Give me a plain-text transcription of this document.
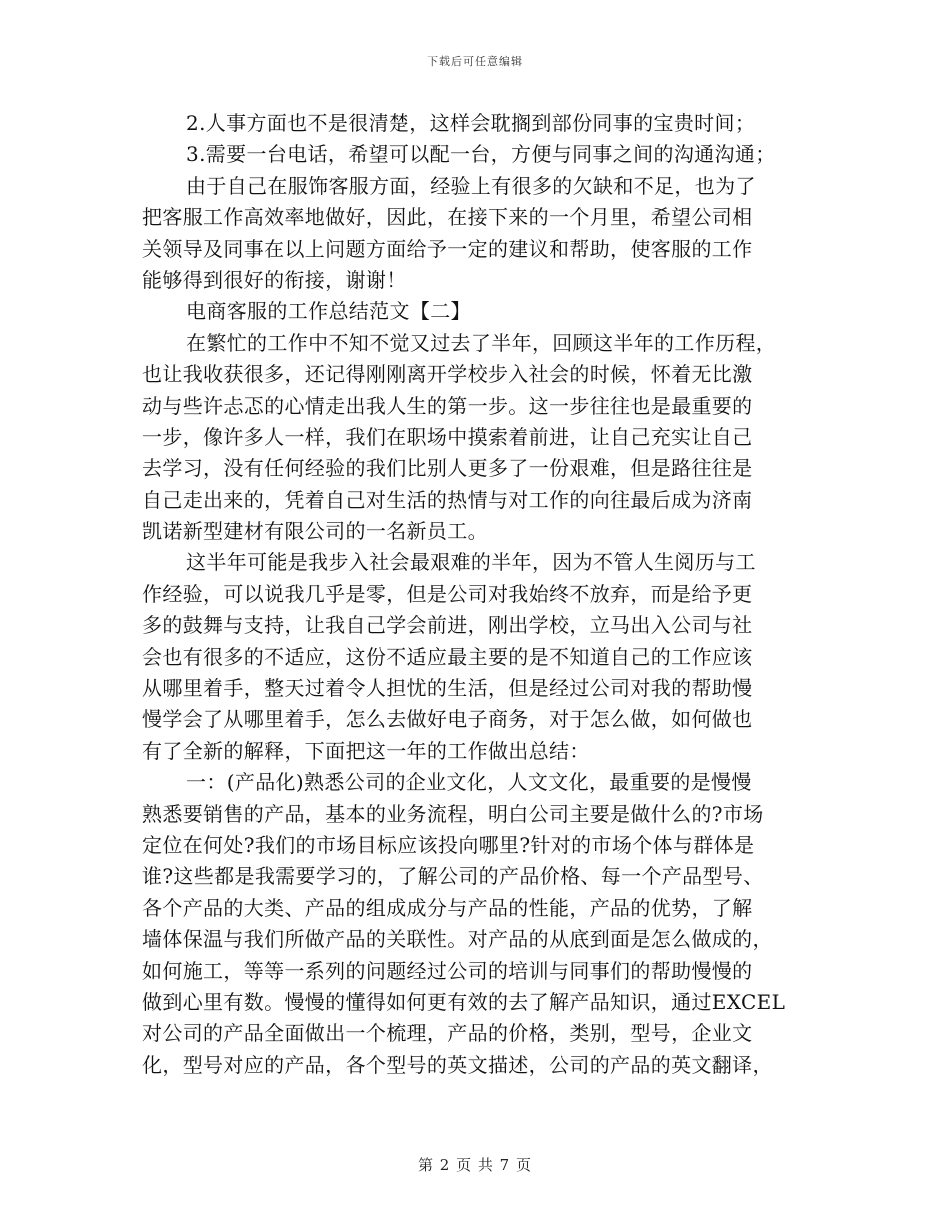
下载后可任意编辑
2.人事方面也不是很清楚，这样会耽搁到部份同事的宝贵时间；
3.需要一台电话，希望可以配一台，方便与同事之间的沟通沟通；
由于自己在服饰客服方面，经验上有很多的欠缺和不足，也为了
把客服工作高效率地做好，因此，在接下来的一个月里，希望公司相
关领导及同事在以上问题方面给予一定的建议和帮助，使客服的工作
能够得到很好的衔接，谢谢！
电商客服的工作总结范文【二】
在繁忙的工作中不知不觉又过去了半年，回顾这半年的工作历程，
也让我收获很多，还记得刚刚离开学校步入社会的时候，怀着无比激
动与些许忐忑的心情走出我人生的第一步。这一步往往也是最重要的
一步，像许多人一样，我们在职场中摸索着前进，让自己充实让自己
去学习，没有任何经验的我们比别人更多了一份艰难，但是路往往是
自己走出来的，凭着自己对生活的热情与对工作的向往最后成为济南
凯诺新型建材有限公司的一名新员工。
这半年可能是我步入社会最艰难的半年，因为不管人生阅历与工
作经验，可以说我几乎是零，但是公司对我始终不放弃，而是给予更
多的鼓舞与支持，让我自己学会前进，刚出学校，立马出入公司与社
会也有很多的不适应，这份不适应最主要的是不知道自己的工作应该
从哪里着手，整天过着令人担忧的生活，但是经过公司对我的帮助慢
慢学会了从哪里着手，怎么去做好电子商务，对于怎么做，如何做也
有了全新的解释，下面把这一年的工作做出总结：
一：(产品化)熟悉公司的企业文化，人文文化，最重要的是慢慢
熟悉要销售的产品，基本的业务流程，明白公司主要是做什么的?市场
定位在何处?我们的市场目标应该投向哪里?针对的市场个体与群体是
谁?这些都是我需要学习的，了解公司的产品价格、每一个产品型号、
各个产品的大类、产品的组成成分与产品的性能，产品的优势，了解
墙体保温与我们所做产品的关联性。对产品的从底到面是怎么做成的，
如何施工，等等一系列的问题经过公司的培训与同事们的帮助慢慢的
做到心里有数。慢慢的懂得如何更有效的去了解产品知识，通过EXCEL
对公司的产品全面做出一个梳理，产品的价格，类别，型号，企业文
化，型号对应的产品，各个型号的英文描述，公司的产品的英文翻译，
第 2 页 共 7 页
